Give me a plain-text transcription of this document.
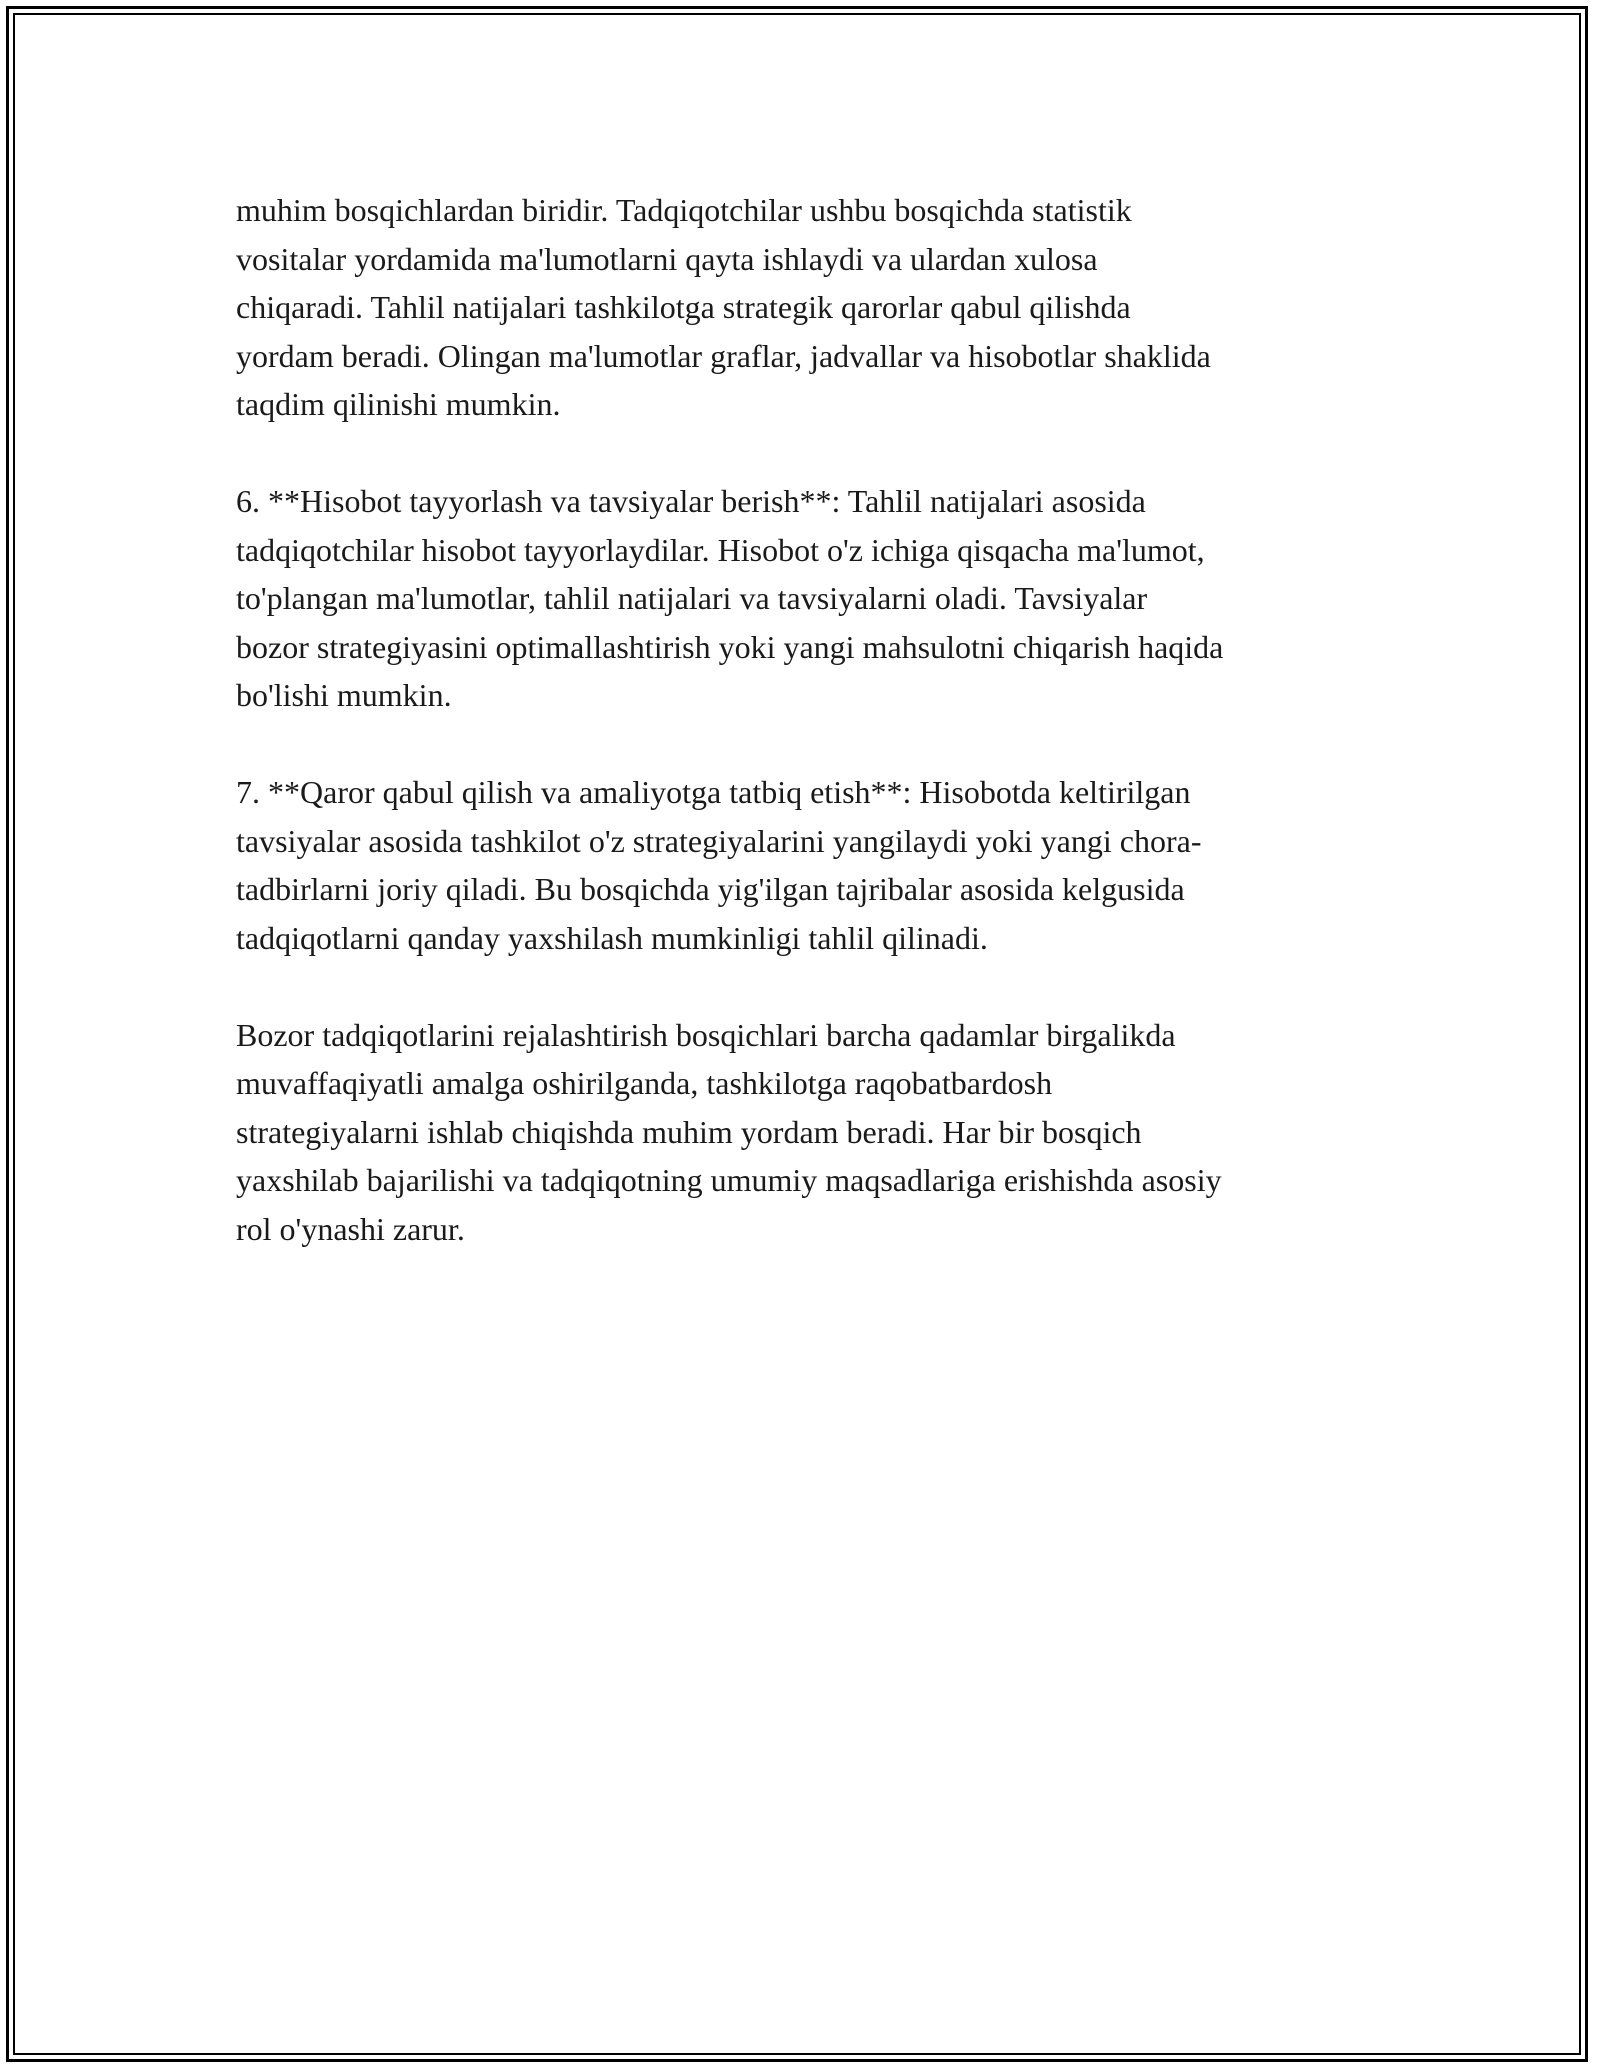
muhim bosqichlardan biridir. Tadqiqotchilar ushbu bosqichda statistik
vositalar yordamida ma'lumotlarni qayta ishlaydi va ulardan xulosa
chiqaradi. Tahlil natijalari tashkilotga strategik qarorlar qabul qilishda
yordam beradi. Olingan ma'lumotlar graflar, jadvallar va hisobotlar shaklida
taqdim qilinishi mumkin.

6. **Hisobot tayyorlash va tavsiyalar berish**: Tahlil natijalari asosida
tadqiqotchilar hisobot tayyorlaydilar. Hisobot o'z ichiga qisqacha ma'lumot,
to'plangan ma'lumotlar, tahlil natijalari va tavsiyalarni oladi. Tavsiyalar
bozor strategiyasini optimallashtirish yoki yangi mahsulotni chiqarish haqida
bo'lishi mumkin.

7. **Qaror qabul qilish va amaliyotga tatbiq etish**: Hisobotda keltirilgan
tavsiyalar asosida tashkilot o'z strategiyalarini yangilaydi yoki yangi chora-
tadbirlarni joriy qiladi. Bu bosqichda yig'ilgan tajribalar asosida kelgusida
tadqiqotlarni qanday yaxshilash mumkinligi tahlil qilinadi.

Bozor tadqiqotlarini rejalashtirish bosqichlari barcha qadamlar birgalikda
muvaffaqiyatli amalga oshirilganda, tashkilotga raqobatbardosh
strategiyalarni ishlab chiqishda muhim yordam beradi. Har bir bosqich
yaxshilab bajarilishi va tadqiqotning umumiy maqsadlariga erishishda asosiy
rol o'ynashi zarur.
